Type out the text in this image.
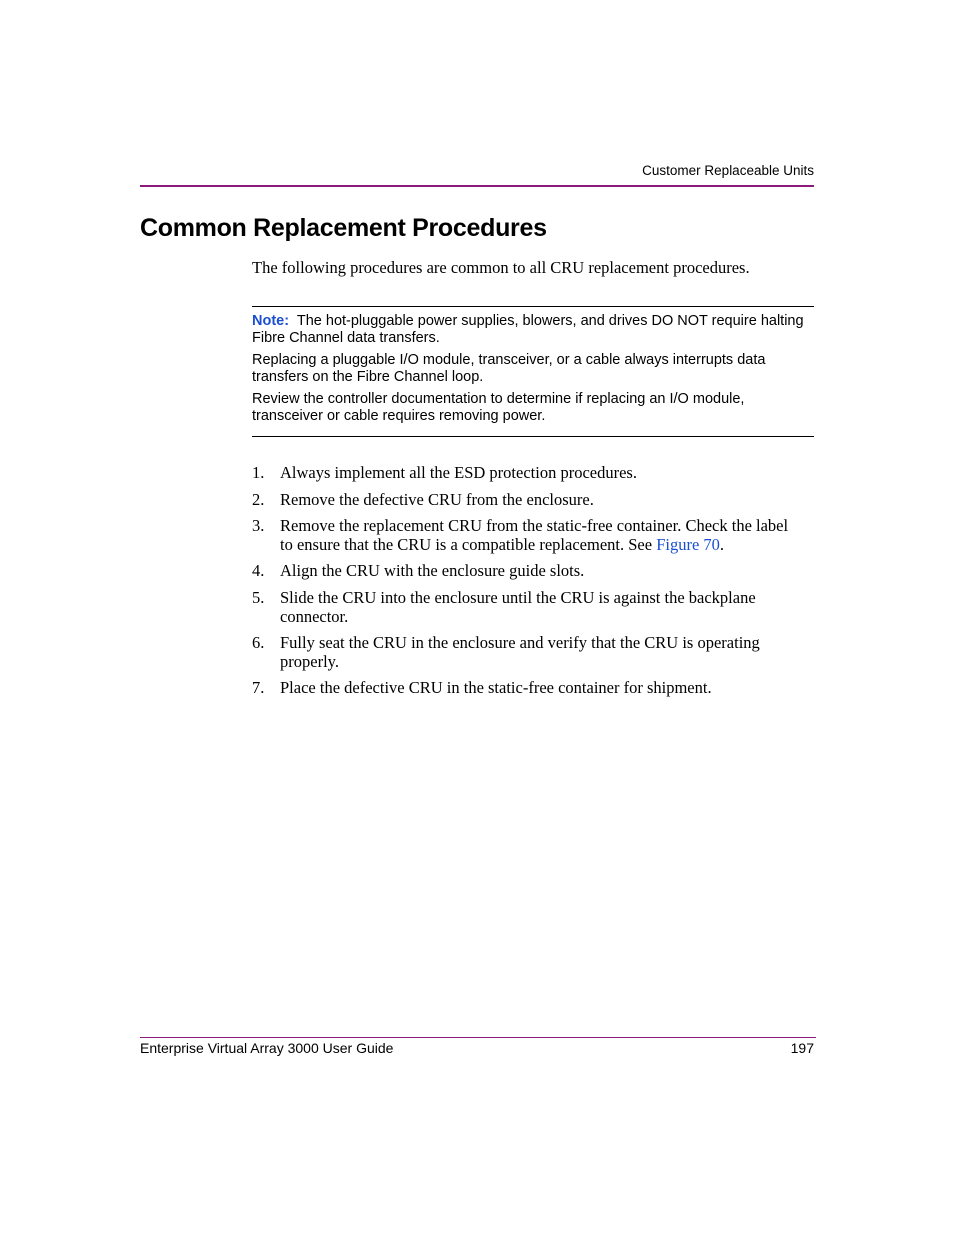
Customer Replaceable Units
Common Replacement Procedures

The following procedures are common to all CRU replacement procedures.

Note: The hot-pluggable power supplies, blowers, and drives DO NOT require halting
Fibre Channel data transfers.

Replacing a pluggable I/O module, transceiver, or a cable always interrupts data
transfers on the Fibre Channel loop.

Review the controller documentation to determine if replacing an I/O module,
transceiver or cable requires removing power.

1. Always implement all the ESD protection procedures.
2. Remove the defective CRU from the enclosure.
3. Remove the replacement CRU from the static-free container. Check the label
to ensure that the CRU is a compatible replacement. See Figure 70.
4. Align the CRU with the enclosure guide slots.
5. Slide the CRU into the enclosure until the CRU is against the backplane
connector.
6. Fully seat the CRU in the enclosure and verify that the CRU is operating
properly.
7. Place the defective CRU in the static-free container for shipment.
Enterprise Virtual Array 3000 User Guide	197
